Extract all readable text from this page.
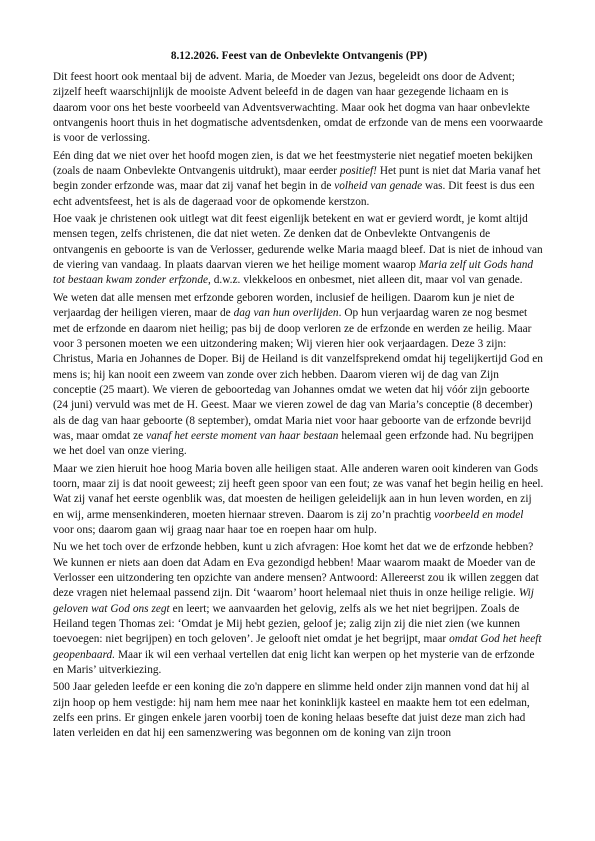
8.12.2026. Feest van de Onbevlekte Ontvangenis (PP)

Dit feest hoort ook mentaal bij de advent. Maria, de Moeder van Jezus, begeleidt ons door de Advent; zijzelf heeft waarschijnlijk de mooiste Advent beleefd in de dagen van haar gezegende lichaam en is daarom voor ons het beste voorbeeld van Adventsverwachting. Maar ook het dogma van haar onbevlekte ontvangenis hoort thuis in het dogmatische adventsdenken, omdat de erfzonde van de mens een voorwaarde is voor de verlossing.

Eén ding dat we niet over het hoofd mogen zien, is dat we het feestmysterie niet negatief moeten bekijken (zoals de naam Onbevlekte Ontvangenis uitdrukt), maar eerder positief! Het punt is niet dat Maria vanaf het begin zonder erfzonde was, maar dat zij vanaf het begin in de volheid van genade was. Dit feest is dus een echt adventsfeest, het is als de dageraad voor de opkomende kerstzon.

Hoe vaak je christenen ook uitlegt wat dit feest eigenlijk betekent en wat er gevierd wordt, je komt altijd mensen tegen, zelfs christenen, die dat niet weten. Ze denken dat de Onbevlekte Ontvangenis de ontvangenis en geboorte is van de Verlosser, gedurende welke Maria maagd bleef. Dat is niet de inhoud van de viering van vandaag. In plaats daarvan vieren we het heilige moment waarop Maria zelf uit Gods hand tot bestaan kwam zonder erfzonde, d.w.z. vlekkeloos en onbesmet, niet alleen dit, maar vol van genade.

We weten dat alle mensen met erfzonde geboren worden, inclusief de heiligen. Daarom kun je niet de verjaardag der heiligen vieren, maar de dag van hun overlijden. Op hun verjaardag waren ze nog besmet met de erfzonde en daarom niet heilig; pas bij de doop verloren ze de erfzonde en werden ze heilig. Maar voor 3 personen moeten we een uitzondering maken; Wij vieren hier ook verjaardagen. Deze 3 zijn: Christus, Maria en Johannes de Doper. Bij de Heiland is dit vanzelfsprekend omdat hij tegelijkertijd God en mens is; hij kan nooit een zweem van zonde over zich hebben. Daarom vieren wij de dag van Zijn conceptie (25 maart). We vieren de geboortedag van Johannes omdat we weten dat hij vóór zijn geboorte (24 juni) vervuld was met de H. Geest. Maar we vieren zowel de dag van Maria’s conceptie (8 december) als de dag van haar geboorte (8 september), omdat Maria niet voor haar geboorte van de erfzonde bevrijd was, maar omdat ze vanaf het eerste moment van haar bestaan helemaal geen erfzonde had. Nu begrijpen we het doel van onze viering.

Maar we zien hieruit hoe hoog Maria boven alle heiligen staat. Alle anderen waren ooit kinderen van Gods toorn, maar zij is dat nooit geweest; zij heeft geen spoor van een fout; ze was vanaf het begin heilig en heel. Wat zij vanaf het eerste ogenblik was, dat moesten de heiligen geleidelijk aan in hun leven worden, en zij en wij, arme mensenkinderen, moeten hiernaar streven. Daarom is zij zo’n prachtig voorbeeld en model voor ons; daarom gaan wij graag naar haar toe en roepen haar om hulp.

Nu we het toch over de erfzonde hebben, kunt u zich afvragen: Hoe komt het dat we de erfzonde hebben? We kunnen er niets aan doen dat Adam en Eva gezondigd hebben! Maar waarom maakt de Moeder van de Verlosser een uitzondering ten opzichte van andere mensen? Antwoord: Allereerst zou ik willen zeggen dat deze vragen niet helemaal passend zijn. Dit ‘waarom’ hoort helemaal niet thuis in onze heilige religie. Wij geloven wat God ons zegt en leert; we aanvaarden het gelovig, zelfs als we het niet begrijpen. Zoals de Heiland tegen Thomas zei: ‘Omdat je Mij hebt gezien, geloof je; zalig zijn zij die niet zien (we kunnen toevoegen: niet begrijpen) en toch geloven’. Je gelooft niet omdat je het begrijpt, maar omdat God het heeft geopenbaard. Maar ik wil een verhaal vertellen dat enig licht kan werpen op het mysterie van de erfzonde en Maris’ uitverkiezing.

500 Jaar geleden leefde er een koning die zo'n dappere en slimme held onder zijn mannen vond dat hij al zijn hoop op hem vestigde: hij nam hem mee naar het koninklijk kasteel en maakte hem tot een edelman, zelfs een prins. Er gingen enkele jaren voorbij toen de koning helaas besefte dat juist deze man zich had laten verleiden en dat hij een samenzwering was begonnen om de koning van zijn troon
